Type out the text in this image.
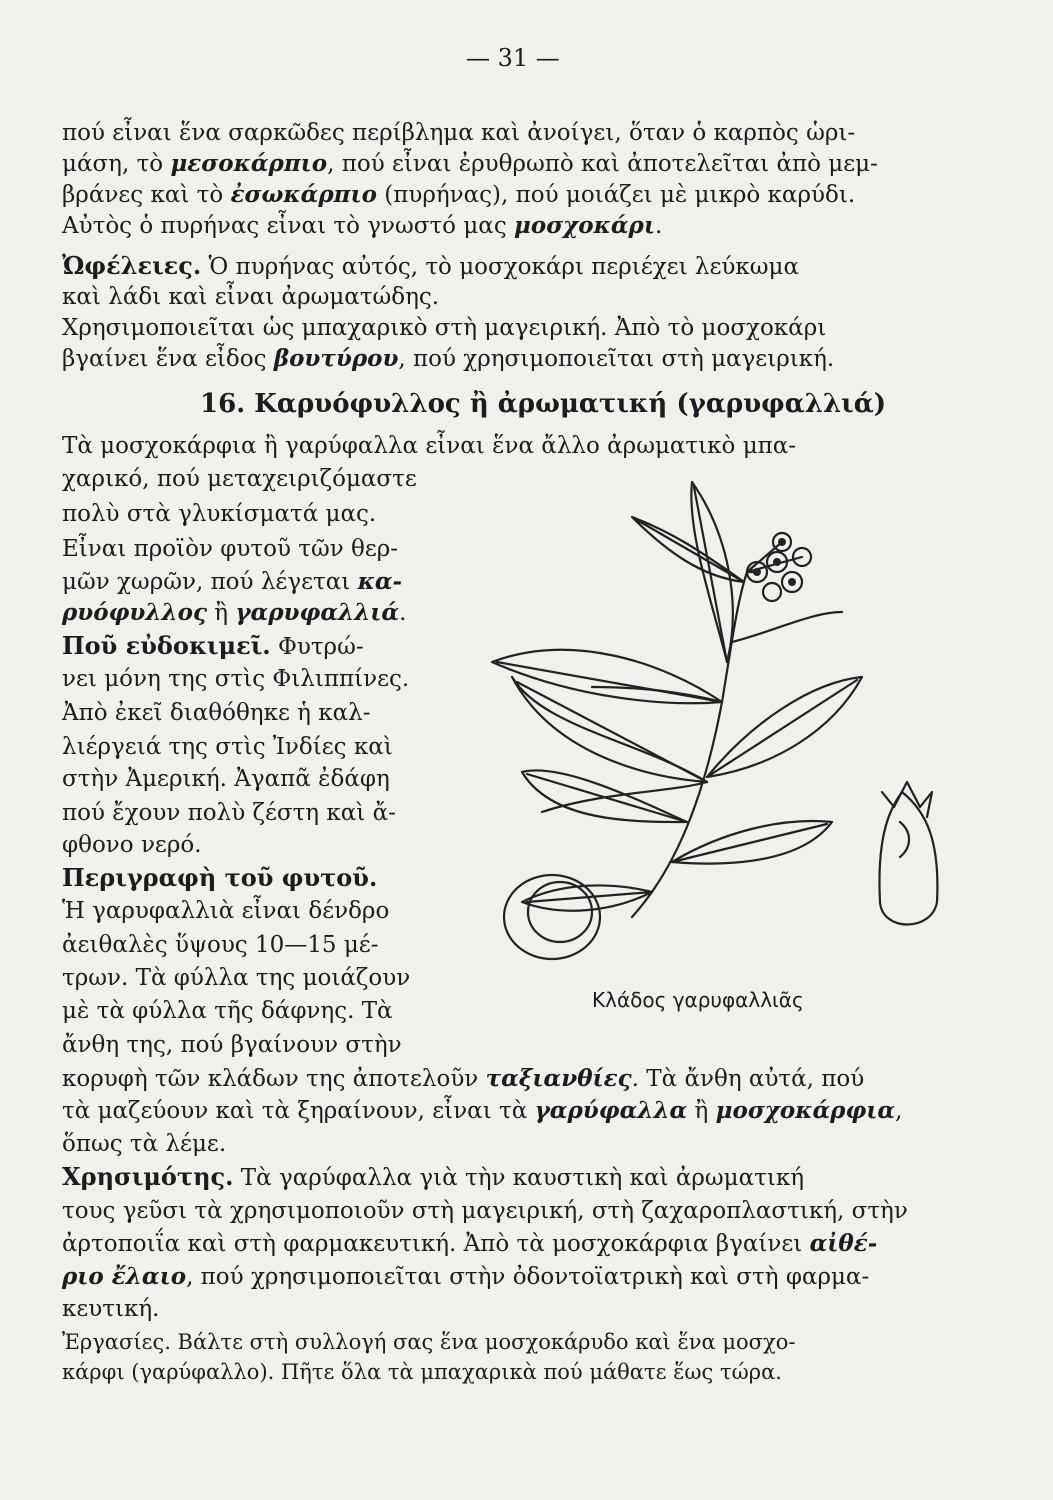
— 31 —
πού εἶναι ἕνα σαρκῶδες περίβλημα καὶ ἀνοίγει, ὅταν ὁ καρπὸς ὡρι-
μάση, τὸ μεσοκάρπιο, πού εἶναι ἐρυθρωπὸ καὶ ἀποτελεῖται ἀπὸ μεμ-
βράνες καὶ τὸ ἐσωκάρπιο (πυρήνας), πού μοιάζει μὲ μικρὸ καρύδι.
Αὐτὸς ὁ πυρήνας εἶναι τὸ γνωστό μας μοσχοκάρι.
Ὠφέλειες. Ὁ πυρήνας αὐτός, τὸ μοσχοκάρι περιέχει λεύκωμα
καὶ λάδι καὶ εἶναι ἀρωματώδης.
Χρησιμοποιεῖται ὡς μπαχαρικὸ στὴ μαγειρική. Ἀπὸ τὸ μοσχοκάρι
βγαίνει ἕνα εἶδος βουτύρου, πού χρησιμοποιεῖται στὴ μαγειρική.
16. Καρυόφυλλος ἢ ἀρωματική (γαρυφαλλιά)
Τὰ μοσχοκάρφια ἢ γαρύφαλλα εἶναι ἕνα ἄλλο ἀρωματικὸ μπα-
χαρικό, πού μεταχειριζόμαστε
πολὺ στὰ γλυκίσματά μας.
Εἶναι προϊὸν φυτοῦ τῶν θερ-
μῶν χωρῶν, πού λέγεται κα-
ρυόφυλλος ἢ γαρυφαλλιά.
Ποῦ εὐδοκιμεῖ. Φυτρώ-
νει μόνη της στὶς Φιλιππίνες.
Ἀπὸ ἐκεῖ διαθόθηκε ἡ καλ-
λιέργειά της στὶς Ἰνδίες καὶ
στὴν Ἀμερική. Ἀγαπᾶ ἐδάφη
πού ἔχουν πολὺ ζέστη καὶ ἄ-
φθονο νερό.
Περιγραφὴ τοῦ φυτοῦ.
Ἡ γαρυφαλλιὰ εἶναι δένδρο
ἀειθαλὲς ὕψους 10—15 μέ-
τρων. Τὰ φύλλα της μοιάζουν
μὲ τὰ φύλλα τῆς δάφνης. Τὰ
ἄνθη της, πού βγαίνουν στὴν
κορυφὴ τῶν κλάδων της ἀποτελοῦν ταξιανθίες. Τὰ ἄνθη αὐτά, πού
τὰ μαζεύουν καὶ τὰ ξηραίνουν, εἶναι τὰ γαρύφαλλα ἢ μοσχοκάρφια,
ὅπως τὰ λέμε.
Χρησιμότης. Τὰ γαρύφαλλα γιὰ τὴν καυστικὴ καὶ ἀρωματική
τους γεῦσι τὰ χρησιμοποιοῦν στὴ μαγειρική, στὴ ζαχαροπλαστική, στὴν
ἀρτοποιΐα καὶ στὴ φαρμακευτική. Ἀπὸ τὰ μοσχοκάρφια βγαίνει αἰθέ-
ριο ἔλαιο, πού χρησιμοποιεῖται στὴν ὀδοντοϊατρικὴ καὶ στὴ φαρμα-
κευτική.
Ἐργασίες. Βάλτε στὴ συλλογή σας ἕνα μοσχοκάρυδο καὶ ἕνα μοσχο-
κάρφι (γαρύφαλλο). Πῆτε ὅλα τὰ μπαχαρικὰ πού μάθατε ἕως τώρα.
Κλάδος γαρυφαλλιᾶς
